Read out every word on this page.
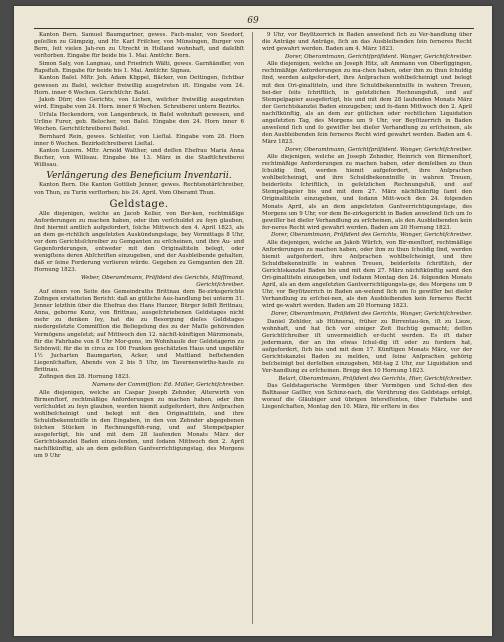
69

Kanton Bern. Samuel Baumgartner, gewes. Fach-maler, von Seedorf, geſeſſen zu Gümpzig, und Hr. Karl Friſcher, von Münsingen, Burger von Bern, ſeit vielen Jah-ren zu Utrecht in Holland wohnhaft, und daſelbſt verſtorben. Eingabe für beide bis 1. Mai. Amtſchr. Bern.

Simon Saly, von Langnau, und Friedrich Wälti, gewes. Garnhändler, von Rapsfluh. Eingabe für beide bis 1. Mai. Amtſchr. Signau.

Kanton Baſel. Mſtr. Joh. Adam Klippel, Bäcker, von Oettingen, ſichtbar gewesen zu Baſel, welcher freiwillig ausgetreten iſt. Eingabe vom 24. Horn. inner 6 Wochen. Gerichtſchr. Baſel.

Jakob Dürr, des Gerichts, von Lichen, welcher freiwillig ausgetreten wird. Eingabe vom 24. Horn. inner 6 Wochen. Schreiberei untern Bezirks.

Urſula Heckendorn, von Langenbruck, in Baſel wohnhaft gewesen, und Urſine Furer, geb. Belocher, von Baſel. Eingabe den 24. Horn inner 6 Wochen. Gerichtſchreiberei Baſel.

Bernhard Rein, gewes. Schleiſer, von Lieſtal. Eingabe vom 28. Horn inner 6 Wochen. Bezirksſchreiberei Lieſtal.

Kanton Luzern. Mſtr. Arnold Walther, und deſſen Ehefrau Maria Anna Bucher, von Willisau. Eingabe bis 13. März in die Stadtſchreiberei Willisau.

Verlängerung des Beneficium Inventarii.

Kanton Bern. Die Kanton Gottlieb Jenner, gewes. Rechtsnotärſchreiber, von Thun, zu Turin verſtorben; bis 24. April. Vom Oberamt Thun.

Geldstage.

Alle diejenigen, welche an Jacob Keller, von Ber-ken, rechtmäßige Anforderungen zu machen haben, oder ihm verſchuldet zu ſeyn glauben, ſind hiermit amtlich aufgefordert, ſolche Mittwoch den 4. April 1823, als an dem ge-richtlich angeſetzten Auskündungstage, bey Vormittags 8 Uhr, vor dem Gerichtsſchreiber zu Gemganten zu erſcheinen, und ihre Au- und Gegenforderungen, entweder mit den Originaltiteln belegt, oder wenigſtens deren Abſchriften einzugeben, und der Ausbleibende gehalten, daß er ſeine Forderung verlieren würde. Gegeben zu Gemganten den 28. Hornung 1823.

Weber, Oberamtmann, Präſident des Gerichts, Müſſimand, Gerichtſchreiber.

Auf einen von Seite des Gemeindraths Brittnau dem Be-zirksgerichte Zofingen erstatteten Bericht: daß an gütliche Aus-handlung bei unterm 31. Jenner letzthin über die Ehefrau des Hans Hunzer, Bürger ſelbſt Brittnau, Anna, geborne Kunz, von Brittnau, ausgeſchriebenen Geldstages nicht mehr zu denken ſey, hat die zu Besorgung dieſes Geldstages niedergeſetzte Commiſſion die Beſiegelung des zu der Maſſe gehörenden Vermögens angeſetzt; auf Mittwoch den 12. nächſt-künftigen Märzmonats, für die Fahrhabe von 8 Uhr Mor-gens, im Wohnhauſe der Geldstagerin zu Schönwil; für die in circa zu 100 Franken geschätzten Haus und ungefähr 1½ Jucharten Baumgarten, Acker, und Mattland beſtehenden Liegenſchaften, Abends von 2 bis 5 Uhr, im Tavernenwirths-hauſe zu Brittnau.

Zofingen den 28. Hornung 1823.

Namens der Commiſſion: Ed. Müller, Gerichtſchreiber.

Alle diejenigen, welche an Caspar Joseph Zehnder, Alterwirth von Birmenſtorf, rechtmäßige Anforderungen zu machen haben, oder ihm verſchuldet zu ſeyn glauben, werden hiemit aufgefordert, ihre Anſprachen wohlbeſcheinigt und belegt mit den Originaltiteln, und ihre Schuldbekenntniſſe in den Eingaben, in den von Zehnder abgegebenen ſolchen Stücken in Rechnungsfüh-rung, und auf Stempelpapier ausgefertigt, bis und mit dem 28 laufenden Monats März der Gerichtskanzlei Baden einzu-ſenden, und ſodann Mittwoch den 2. April nachſtkünftig, als an dem gefeßten Gantverrichtigungstag, des Morgens um 9 Uhr

9 Uhr, vor Beyſitzerrich in Baden anweſend ſich zu Ver-handlung über die Anträge und Anträge, ſich an das Ausbleibenden ſein ferneres Recht wird gewahrt werden. Baden am 4. März 1823.

Dorer, Oberamtmann, Gerichtſpräſident. Wanger, Gerichtſchreiber.

Alle diejenigen, welche an Joseph Hitz, alt Ammann von Oberſiggingen, rechtmäßige Anforderungen zu ma-chen haben, oder ihm zu thun ſchuldig ſind, werden aufgefor-dert, ihre Anſprachen wohlbeſcheinigt und belegt mit den Ori-ginaltiteln, und ihre Schuldbekenntniſſe in wahren Treuen, bei-der ſeits ſchriftlich, in geſetzlichen Rechnungsfuß, und auf Stempelpapier ausgefertigt, bis und mit dem 28 laufenden Monats März der Gerichtskanzlei Baden einzugeben; und ſo-dann Mittwoch den 2. April nachſtkünftig, als an dem zur gütlichen oder rechtlichen Liquidation angeſetzten Tag, des Morgens um 9 Uhr, vor Beyſitzerrich in Baden anweſend ſich und ſo gewiſſer bei dieſer Verhandlung zu erſcheinen, als den Ausbleibenden ſein ferneres Recht wird gewahrt werden. Baden am 4. März 1823.

Dorer, Oberamtmann, Gerichtſpräſident. Wanger, Gerichtſchreiber.

Alle diejenigen, welche an Joseph Zehnder, Heinrich von Birmenſtorf, rechtmäßige Anforderungen zu machen haben, oder demſelben zu thun ſchuldig ſind, werden hiemit aufgefordert, ihre Anſprachen wohlbeſcheinigt, und ihre Schuldbekenntniſſe in wahren Treuen, beiderſeits ſchriftlich, in geſetzlichen Rechnungsfuß, und auf Stempelpapier bis und mit dem 27. März nächſtkünftig ſamt den Originaltiteln einzugeben, und ſodann Mitt-woch den 24. folgenden Monats April, als an dem angeſetzten Gantverrichtigungstage, des Morgens um 9 Uhr, vor dem Be-zirksgericht in Baden anweſend ſich um ſo gewiſſer bei dieſer Verhandlung zu erſcheinen, als den Ausbleibenden kein fer-neres Recht wird gewahrt werden. Baden am 20 Hornung 1823.

Dorer, Oberamtmann, Präſident des Gerichts, Wanger, Gerichtſchreiber.

Alle diejenigen, welche an Jakob Würſch, von Bir-menſtorf, rechtmäßige Anforderungen zu machen haben, oder ihm zu thun ſchuldig ſind, werden hiemit aufgefordert, ihre Anſprachen wohlbeſcheinigt, und ihre Schuldbekenntniſſe in wahren Treuen, beiderſeits ſchriftlich, der Gerichtskanzlei Baden bis und mit dem 27. März nächſtkünftig samt den Ori-ginaltiteln einzugeben, und ſodann Montag den 24. folgenden Monats April, als an dem angeſetzten Gantverrichtigungsta-ge, des Morgens um 9 Uhr, vor Beyſitzerrich in Baden an-weſend ſich um ſo gewiſſer bei dieſer Verhandlung zu erſchei-nen, als den Ausbleibenden kein ferneres Recht wird ge-wahrt werden. Baden am 20 Hornung 1823.

Dorer, Oberamtmann, Präſident des Gerichts, Wanger, Gerichtſchreiber.

Daniel Zehlder, ab Hühnerai, früher zu Birrentau-ſen, iſt zu Lieze, wohnhaft, und hat ſich vor einiger Zeit fluchtig gemacht; deſſen Gerichtſchreiber iſt unvermeidlich er-ſucht werden. Es iſt daher jedermann, der an ihn etwas ſchul-dig iſt oder zu fordern hat, aufgefordert, ſich bis und mit dem 17. Künftigen Monats März, vor der Gerichtskanzlei Baden zu melden, und ſeine Anſprachen gehörig beſcheinigt bei derſelben einzugeben, Mit-tag 2 Uhr, zur Liquidation und Ver-handlung zu erſcheinen. Bregg den 10 Hornung 1823.

Belart, Oberamtmann, Präſident des Gerichts, Hier, Gerichtſchreiber.

Das Geldstagerische Vermögen über Vermögen und Schul-den des Balthasar Gaſſler, von Schinz-nach, die Verührung des Geldstags erfolgt, worauf die Gläubiger und übrigen Intereſſenten, über Fahrhabe und Liegenſchaften, Montag den 10. März, für erſtere in des
